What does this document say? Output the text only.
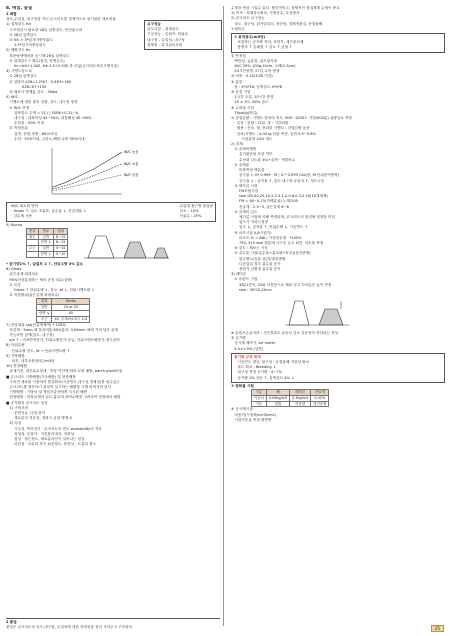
Ⅱ. 배합, 품질
1 배합
강도,수밀성, 내구성을 지닌 콘크리트를 경제적으로 얻기위한 재료비율
1) 설계강도 fck
구조계산시 필요한 28일 압축강도, 안전율고려
① 28일 압축강도
② fck > 3*압기어중자위도
1.5*압기어중앙위도
2) 배합강도 fcr
표준양생에의한 공시체 28일 압축강도
① 설계강도 * 계수(품질, 양생온도)
fcr=fck+1.34S, fck-3.5+2.33S 중 큰값(콘크리트표준시방기준)
3) 시멘트강도 K
① 28일 압축강도
② 설명식 K28=1.2*K7 · 0.4K3+160
K28=K7+150
③ 제조사 발행값-강도 · 3Mpa
4) W/C
시멘트에 대한 물의 질량, 강도, 내구성 영향
① W/C 산정
압축강도 주게 = 51 / ( f28/K+0.31) %
내구성 : 내화학성 45~50%, 내동해성 45~60%
수밀성 : 50% 이내
② 적정품위
일반, 현장,경량 : 60%이내
수밀 : 55%이내, 고강도,해양-수중 50%이내
W/C 높음
W/C 보통
W/C 낮음
· W/C 최소화 방안
· Gmax ↑, 입도 조분표, 골수율 ↓, 잔골재율 ↓
· 감수제 사용
수밀재 철근방 물질양
감소 – 15%
단위수 : 25%
5) Slump
종류	종류	범위
철근	일반	8~15
	단면 ↓	6~12
무근	일반	5~15
	단면 ↓	5~10
* 증기양1% ↑, 슬럼프 2 ↑, 단위수량 3% 감소
6) Gmax
굵은골재 최대치수
90%이상통과하는 체의 공칭 치수(질량)
① 특징
Gmax ↑ 단위수량 ↓, 강도, W ↓, 단위시멘트량 ↓
② 적정범위(굵은골재 최대치수)
종류	Gmax
일반	20 or 25
단면 ↘	40
무근	40, 부재최소치수 1/4
7) 잔골재율 s/a(잔골재체적) * 100%
잔골재 : 5mm 체 통과비율 85%통과, 0.08mm 체에 거의 남은 골재
가능하면 낮게(강도, 내구성)
s/a ↑ : 비표면적증가, 단위수량증가-공급, 단위시멘트량증가-경도증력
8) 단위수량
· 단위수량 감도, W → 단위시멘트량 ↑
9) 시방배합
· 표건, 내부포화상태,1m3당
10) 현장배합
골재기건, 내부흡수상태 · 현장 여건에 따라 보정 배합, batch plant단위
■ 콘크리트 시방배합(기준배합) 및 현장배합
주어진 재료를 사용하여 품질확보(시공연도,내구성,경제성)를 얻수있는
콘크리트를 생산하기 위하여 실시하는 배합을 시방 비비가하 한다
시방배합 : 시방서 및 책임기술자에게 지시된 배합
현장배합 : 현장골재의 입도,흡수비,표면수량을 고려하여 현장에서 배합
■ 공기량과 콘크리트 성질
1) 구비조건
운반지급, 다짐 용이
재료분리 적음것, 경화시 균열 발생 X
2) 성질
시공성, 반죽질기 · 콘크리트의 연도 workability의 저표
성형성, 동결식 · 거친용리대상, 적정성
점성 · 철근정도, 재료분리얻이 일어나는 성질
마감성 · 마무리 하기 쉬운정도, 표면상 · 트롬의 정도
2 품질
품질은 콘크리트의 강도,내구성, 수밀성에 대한 신뢰성을 점검 시켜주고 구조물의
요구성능
강도특성 – 설계강도
시공성능 – 슬럼프, 단위수
내구성 – 수밀성, 내구성
경제성 – 유지관리포함
수명을 연상 시킬수 있다. 합리적이고, 경제적인 품질체계 수립이 중요
1) 목적 : 설계강도확보, 사방공수, 부실방지
2) 콘크리트 요구성능
강도, 내구성, 워커빌리티, 중간성, 경제적품질, 동결융해
1 레미콘
① 용적용도(m3당)
포함하는 공기량 적치, 표면적, 재가용사체
용량조 ↑ 슬래를 ↑ 강도 ↑ 균열 ↑
② 안정성
백밍성, 급유럽, 워트링사용
W/C 25% 100g,10cm, 두께(1.5cm)
24시간양생, 27일 수중 양생
③ 비중 : 3.15(3.05 이상)
④ 분말
블 : 4*4*16, 압축강도 4*4*8
⑤ 응결 시험
1시간 초결, 10시간 중결
20 ± 3도, 80% 습도
⑥ 수화열 시험
70cal/g(작업)
⑦ 강열감량 : 시멘트 풍화의 척도, 900~1200도 가열(900분) 질량감소 측정
· 특징 : 감량 : CO2, 풍 : 시간회왕
· 원용 : 산소, 형, 풍화된 시멘트 : 감열감량 높음
· 감쇠(시멘트 : 0.001g 단위 측정, 일반 0.5~0.8%
시험분턱 10% 정도
2) 골재
① 골재비체법
유기불순물 포함 여부
수산화 나트륨 3%+골재 · 색깔비교
② 골재율
비중측정 백분율
공극율 = G* 0.999 · M / G * 0.999 (Gd(중, M 단위용적중량)
공극율 ↓ : 실적율 ↑, 밀도·내구성·수밀성 ↑, 정도고증
③ 체가름 시험
FM조립시험
size :80,40,20,10,5,2.5,1.2,0.6,0.3,0.15(10개정체)
FM = 80~0.15(각백분율) 누계/100
잔골재 : 2.3~3, 굵은골재 6~8
④ 골재의 입도
체가름 시험에 의해 측정되며, 콘크리트의 품질에 영향을 미침
입도가 지되는형향
입도 ↓, 실적율 ↑, 단위수량 ↓, 시공연도 ↑
⑤ 마모시험 (LA시험기)
마모도 % = ∆W / 시험전무게 · *100%
730, 510 size 원통에 사구슬 넣고 회전, 마모율 측정
⑥ 강도 : 제보는 시험
⑦ 골수율 시험(흡수율+흡수량+표건)(침강중량)
함수량=(습윤-절건)/절건중량
다공질일 경우 흡수율 증가
풍화가 심할경 흡수율 증가
3) 레미콘
① 슬럼프 시험
3회/1층씩, 25회 다짐봉으로 채워 넣고 가라앉은 높이 측정
size : 30*10,20cm
※ 슬럼프손실저하 : 시간경과로 유동성 감소 유동성이 저하되는 현상
② 공기량
공시체 제작시, air meter
4.5±1.5% (일반)
공기량 규정 목적
시공연도 향상, 내구성 · 동결융해 저항성 확보
과도 확보 : Bleeding ↓
내구성 적정 공기량 : 4~7%
공기량 1% 상승 ↑, 압축강도 4% ↓
③ 염화물 시험
구분	해	레미콘	잔골재
기준치	0.04kg/m3	0.3kg/m3	0.02%
기준	결합	이상향	절건중량
④ 공시체시험
비용적(시험체(cm3/cm2)
시험가부골 측정 출연방
25
